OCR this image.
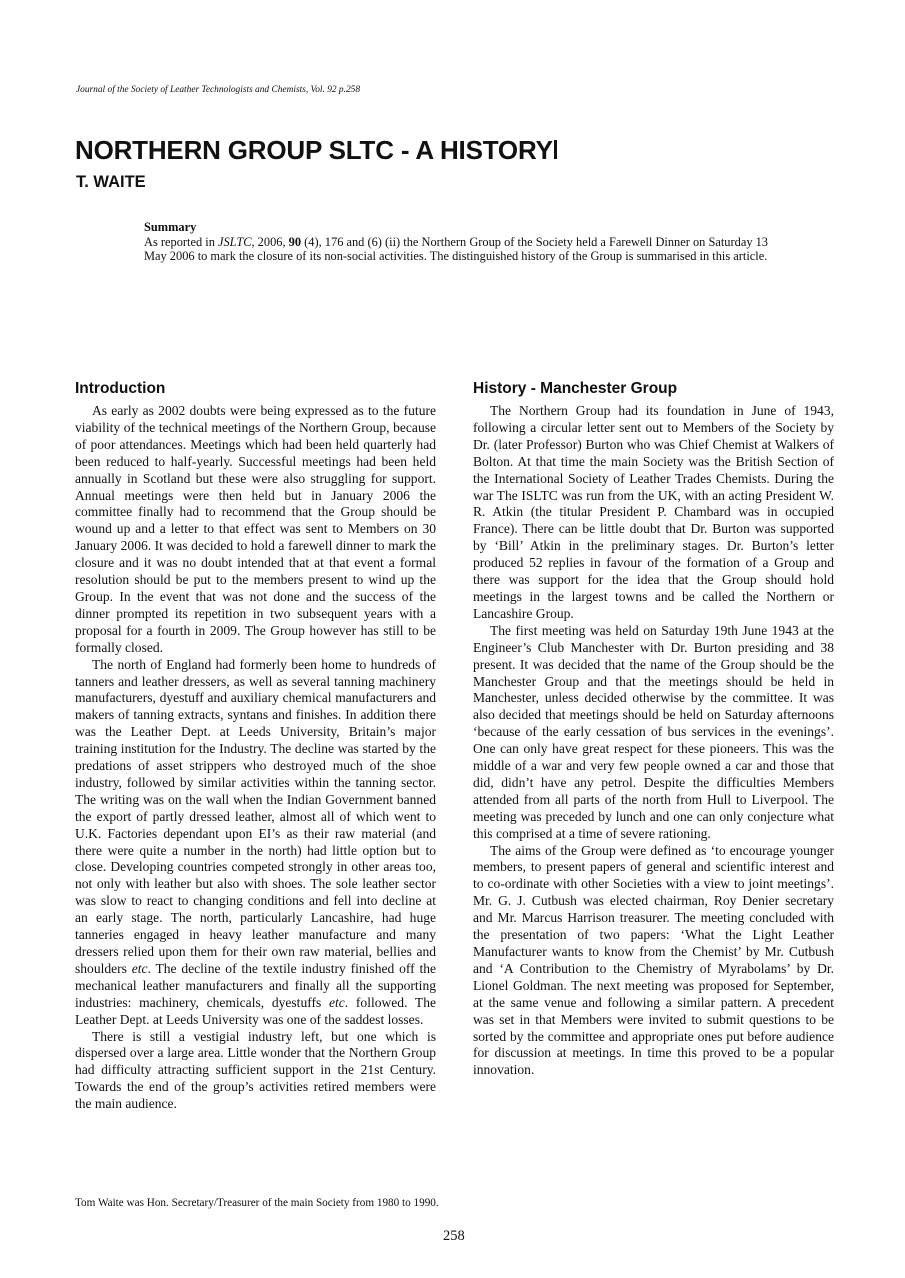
Journal of the Society of Leather Technologists and Chemists, Vol. 92 p.258
NORTHERN GROUP SLTC - A HISTORY
T. WAITE
Summary
As reported in JSLTC, 2006, 90 (4), 176 and (6) (ii) the Northern Group of the Society held a Farewell Dinner on Saturday 13 May 2006 to mark the closure of its non-social activities. The distinguished history of the Group is summarised in this article.
Introduction

As early as 2002 doubts were being expressed as to the future viability of the technical meetings of the Northern Group, because of poor attendances. Meetings which had been held quarterly had been reduced to half-yearly. Successful meetings had been held annually in Scotland but these were also struggling for support. Annual meetings were then held but in January 2006 the committee finally had to recommend that the Group should be wound up and a letter to that effect was sent to Members on 30 January 2006. It was decided to hold a farewell dinner to mark the closure and it was no doubt intended that at that event a formal resolution should be put to the members present to wind up the Group. In the event that was not done and the success of the dinner prompted its repetition in two subsequent years with a proposal for a fourth in 2009. The Group however has still to be formally closed.

The north of England had formerly been home to hundreds of tanners and leather dressers, as well as several tanning machinery manufacturers, dyestuff and auxiliary chemical manufacturers and makers of tanning extracts, syntans and finishes. In addition there was the Leather Dept. at Leeds University, Britain’s major training institution for the Industry. The decline was started by the predations of asset strippers who destroyed much of the shoe industry, followed by similar activities within the tanning sector. The writing was on the wall when the Indian Government banned the export of partly dressed leather, almost all of which went to U.K. Factories dependant upon EI’s as their raw material (and there were quite a number in the north) had little option but to close. Developing countries competed strongly in other areas too, not only with leather but also with shoes. The sole leather sector was slow to react to changing conditions and fell into decline at an early stage. The north, particularly Lancashire, had huge tanneries engaged in heavy leather manufacture and many dressers relied upon them for their own raw material, bellies and shoulders etc. The decline of the textile industry finished off the mechanical leather manufacturers and finally all the supporting industries: machinery, chemicals, dyestuffs etc. followed. The Leather Dept. at Leeds University was one of the saddest losses.

There is still a vestigial industry left, but one which is dispersed over a large area. Little wonder that the Northern Group had difficulty attracting sufficient support in the 21st Century. Towards the end of the group’s activities retired members were the main audience.

History - Manchester Group

The Northern Group had its foundation in June of 1943, following a circular letter sent out to Members of the Society by Dr. (later Professor) Burton who was Chief Chemist at Walkers of Bolton. At that time the main Society was the British Section of the International Society of Leather Trades Chemists. During the war The ISLTC was run from the UK, with an acting President W. R. Atkin (the titular President P. Chambard was in occupied France). There can be little doubt that Dr. Burton was supported by ‘Bill’ Atkin in the preliminary stages. Dr. Burton’s letter produced 52 replies in favour of the formation of a Group and there was support for the idea that the Group should hold meetings in the largest towns and be called the Northern or Lancashire Group.

The first meeting was held on Saturday 19th June 1943 at the Engineer’s Club Manchester with Dr. Burton presiding and 38 present. It was decided that the name of the Group should be the Manchester Group and that the meetings should be held in Manchester, unless decided otherwise by the committee. It was also decided that meetings should be held on Saturday afternoons ‘because of the early cessation of bus services in the evenings’. One can only have great respect for these pioneers. This was the middle of a war and very few people owned a car and those that did, didn’t have any petrol. Despite the difficulties Members attended from all parts of the north from Hull to Liverpool. The meeting was preceded by lunch and one can only conjecture what this comprised at a time of severe rationing.

The aims of the Group were defined as ‘to encourage younger members, to present papers of general and scientific interest and to co-ordinate with other Societies with a view to joint meetings’. Mr. G. J. Cutbush was elected chairman, Roy Denier secretary and Mr. Marcus Harrison treasurer. The meeting concluded with the presentation of two papers: ‘What the Light Leather Manufacturer wants to know from the Chemist’ by Mr. Cutbush and ‘A Contribution to the Chemistry of Myrabolams’ by Dr. Lionel Goldman. The next meeting was proposed for September, at the same venue and following a similar pattern. A precedent was set in that Members were invited to submit questions to be sorted by the committee and appropriate ones put before audience for discussion at meetings. In time this proved to be a popular innovation.

Tom Waite was Hon. Secretary/Treasurer of the main Society from 1980 to 1990.
258
